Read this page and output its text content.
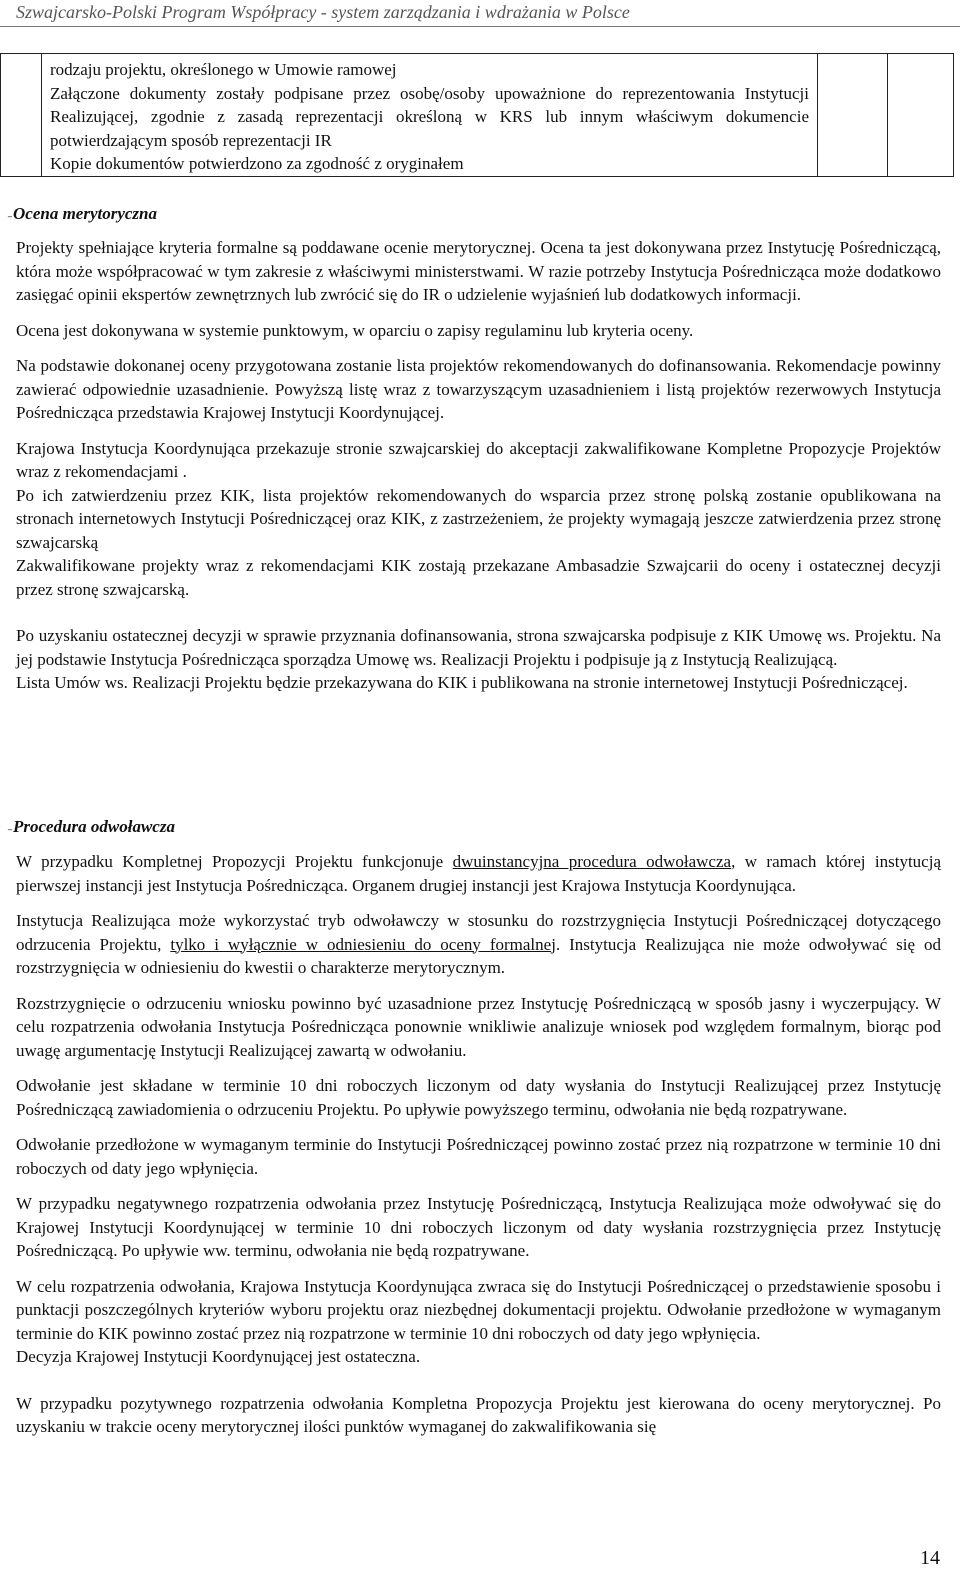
Szwajcarsko-Polski Program Współpracy - system zarządzania i wdrażania w Polsce

rodzaju projektu, określonego w Umowie ramowej

Załączone dokumenty zostały podpisane przez osobę/osoby upoważnione do reprezentowania Instytucji Realizującej, zgodnie z zasadą reprezentacji określoną w KRS lub innym właściwym dokumencie potwierdzającym sposób reprezentacji IR

Kopie dokumentów potwierdzono za zgodność z oryginałem

–Ocena merytoryczna

Projekty spełniające kryteria formalne są poddawane ocenie merytorycznej. Ocena ta jest dokonywana przez Instytucję Pośredniczącą, która może współpracować w tym zakresie z właściwymi ministerstwami. W razie potrzeby Instytucja Pośrednicząca może dodatkowo zasięgać opinii ekspertów zewnętrznych lub zwrócić się do IR o udzielenie wyjaśnień lub dodatkowych informacji.

Ocena jest dokonywana w systemie punktowym, w oparciu o zapisy regulaminu lub kryteria oceny.

Na podstawie dokonanej oceny przygotowana zostanie lista projektów rekomendowanych do dofinansowania. Rekomendacje powinny zawierać odpowiednie uzasadnienie. Powyższą listę wraz z towarzyszącym uzasadnieniem i listą projektów rezerwowych Instytucja Pośrednicząca przedstawia Krajowej Instytucji Koordynującej.

Krajowa Instytucja Koordynująca przekazuje stronie szwajcarskiej do akceptacji zakwalifikowane Kompletne Propozycje Projektów wraz z rekomendacjami .

Po ich zatwierdzeniu przez KIK, lista projektów rekomendowanych do wsparcia przez stronę polską zostanie opublikowana na stronach internetowych Instytucji Pośredniczącej oraz KIK, z zastrzeżeniem, że projekty wymagają jeszcze zatwierdzenia przez stronę szwajcarską

Zakwalifikowane projekty wraz z rekomendacjami KIK zostają przekazane Ambasadzie Szwajcarii do oceny i ostatecznej decyzji przez stronę szwajcarską.

Po uzyskaniu ostatecznej decyzji w sprawie przyznania dofinansowania, strona szwajcarska podpisuje z KIK Umowę ws. Projektu. Na jej podstawie Instytucja Pośrednicząca sporządza Umowę ws. Realizacji Projektu i podpisuje ją z Instytucją Realizującą.

Lista Umów ws. Realizacji Projektu będzie przekazywana do KIK i publikowana na stronie internetowej Instytucji Pośredniczącej.

–Procedura odwoławcza

W przypadku Kompletnej Propozycji Projektu funkcjonuje dwuinstancyjna procedura odwoławcza, w ramach której instytucją pierwszej instancji jest Instytucja Pośrednicząca. Organem drugiej instancji jest Krajowa Instytucja Koordynująca.

Instytucja Realizująca może wykorzystać tryb odwoławczy w stosunku do rozstrzygnięcia Instytucji Pośredniczącej dotyczącego odrzucenia Projektu, tylko i wyłącznie w odniesieniu do oceny formalnej. Instytucja Realizująca nie może odwoływać się od rozstrzygnięcia w odniesieniu do kwestii o charakterze merytorycznym.

Rozstrzygnięcie o odrzuceniu wniosku powinno być uzasadnione przez Instytucję Pośredniczącą w sposób jasny i wyczerpujący. W celu rozpatrzenia odwołania Instytucja Pośrednicząca ponownie wnikliwie analizuje wniosek pod względem formalnym, biorąc pod uwagę argumentację Instytucji Realizującej zawartą w odwołaniu.

Odwołanie jest składane w terminie 10 dni roboczych liczonym od daty wysłania do Instytucji Realizującej przez Instytucję Pośredniczącą zawiadomienia o odrzuceniu Projektu. Po upływie powyższego terminu, odwołania nie będą rozpatrywane.

Odwołanie przedłożone w wymaganym terminie do Instytucji Pośredniczącej powinno zostać przez nią rozpatrzone w terminie 10 dni roboczych od daty jego wpłynięcia.

W przypadku negatywnego rozpatrzenia odwołania przez Instytucję Pośredniczącą, Instytucja Realizująca może odwoływać się do Krajowej Instytucji Koordynującej w terminie 10 dni roboczych liczonym od daty wysłania rozstrzygnięcia przez Instytucję Pośredniczącą. Po upływie ww. terminu, odwołania nie będą rozpatrywane.

W celu rozpatrzenia odwołania, Krajowa Instytucja Koordynująca zwraca się do Instytucji Pośredniczącej o przedstawienie sposobu i punktacji poszczególnych kryteriów wyboru projektu oraz niezbędnej dokumentacji projektu. Odwołanie przedłożone w wymaganym terminie do KIK powinno zostać przez nią rozpatrzone w terminie 10 dni roboczych od daty jego wpłynięcia.

Decyzja Krajowej Instytucji Koordynującej jest ostateczna.

W przypadku pozytywnego rozpatrzenia odwołania Kompletna Propozycja Projektu jest kierowana do oceny merytorycznej. Po uzyskaniu w trakcie oceny merytorycznej ilości punktów wymaganej do zakwalifikowania się

14
